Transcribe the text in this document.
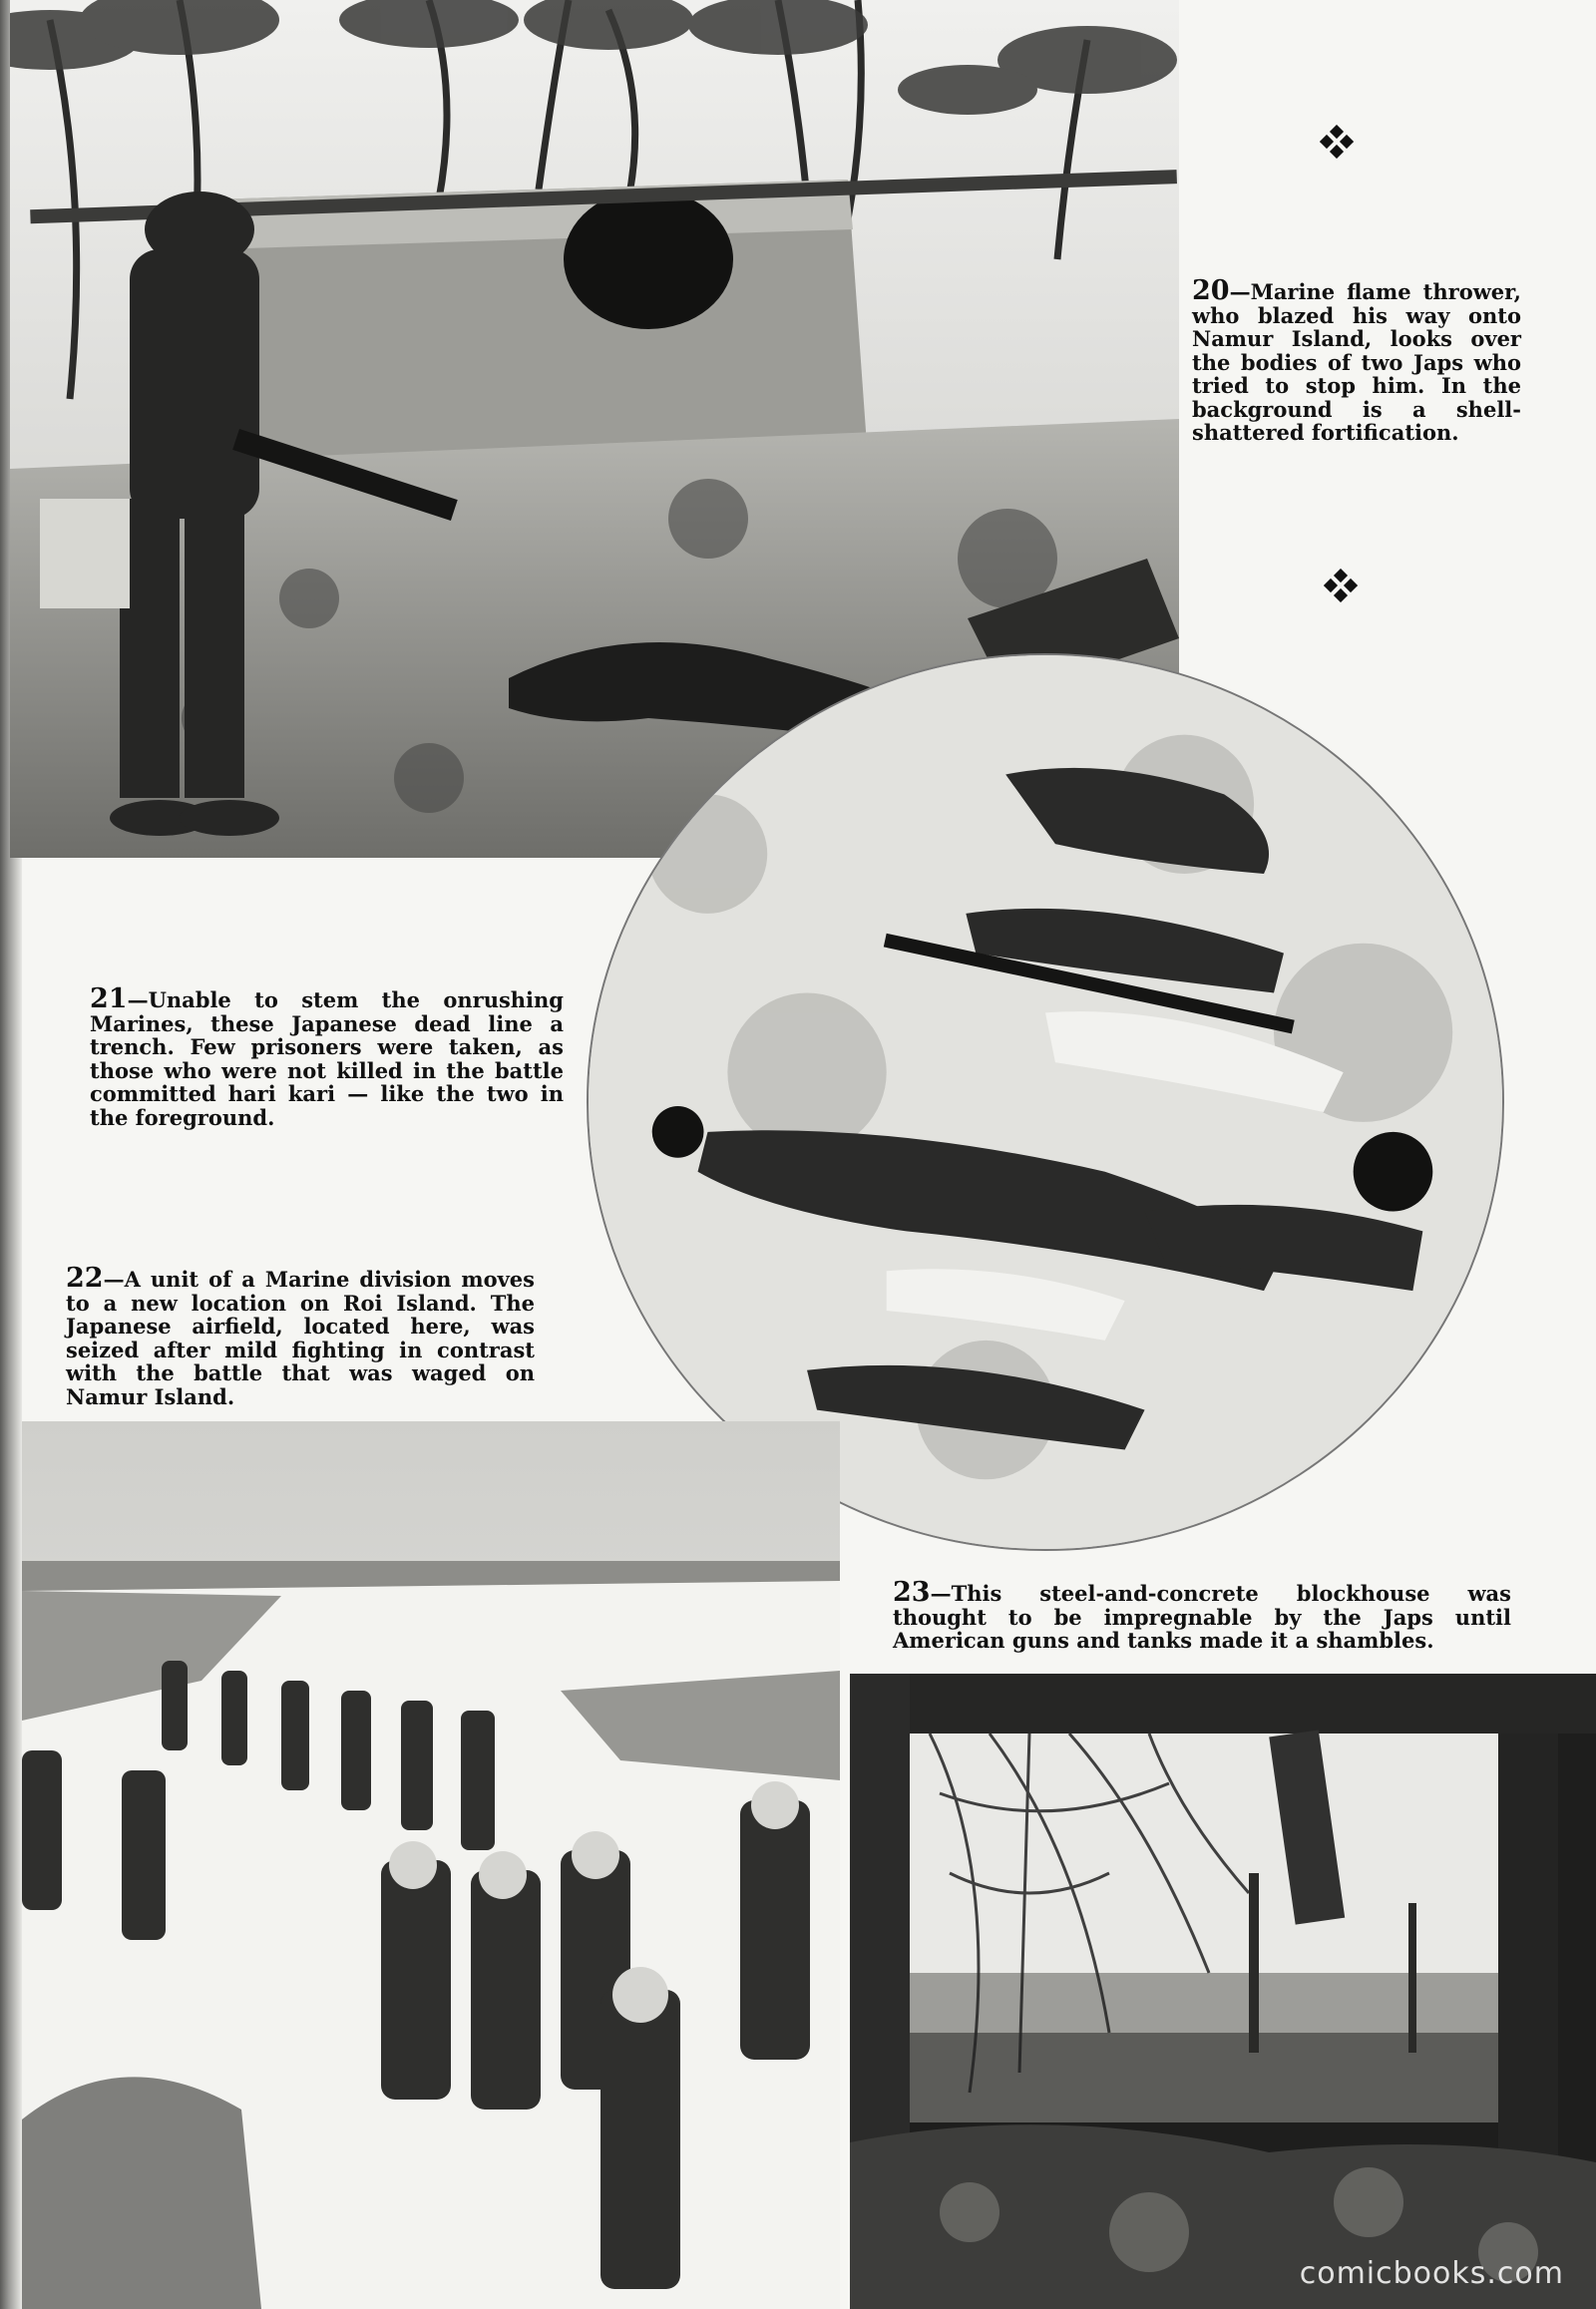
20—Marine flame thrower, who blazed his way onto Namur Island, looks over the bodies of two Japs who tried to stop him. In the background is a shell-shattered fortification.

21—Unable to stem the onrushing Marines, these Japanese dead line a trench. Few prisoners were taken, as those who were not killed in the battle committed hari kari — like the two in the foreground.

22—A unit of a Marine division moves to a new location on Roi Island. The Japanese airfield, located here, was seized after mild fighting in contrast with the battle that was waged on Namur Island.

23—This steel-and-concrete blockhouse was thought to be impregnable by the Japs until American guns and tanks made it a shambles.

comicbooks.com
